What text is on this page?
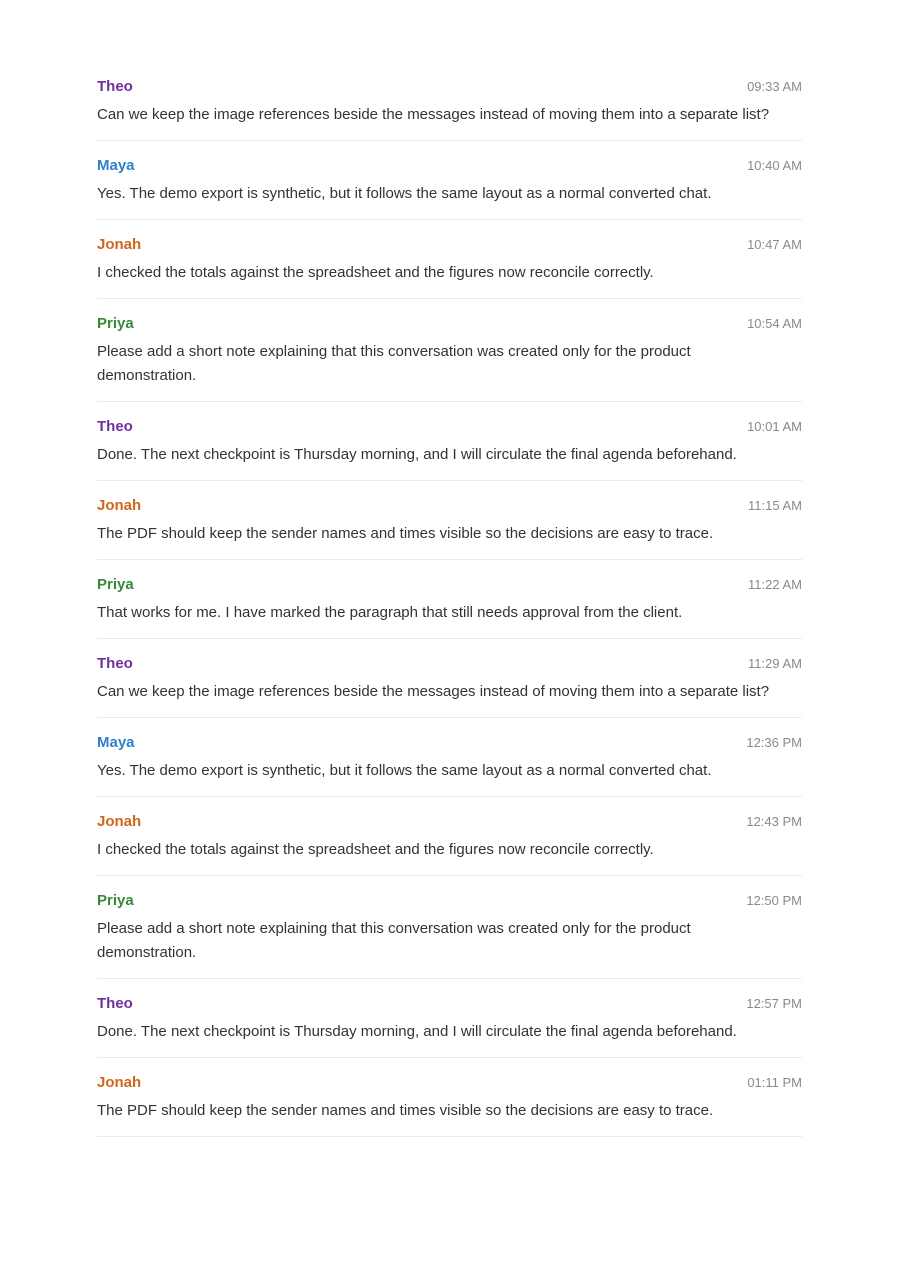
Theo	09:33 AM
Can we keep the image references beside the messages instead of moving them into a separate list?
Maya	10:40 AM
Yes. The demo export is synthetic, but it follows the same layout as a normal converted chat.
Jonah	10:47 AM
I checked the totals against the spreadsheet and the figures now reconcile correctly.
Priya	10:54 AM
Please add a short note explaining that this conversation was created only for the product demonstration.
Theo	10:01 AM
Done. The next checkpoint is Thursday morning, and I will circulate the final agenda beforehand.
Jonah	11:15 AM
The PDF should keep the sender names and times visible so the decisions are easy to trace.
Priya	11:22 AM
That works for me. I have marked the paragraph that still needs approval from the client.
Theo	11:29 AM
Can we keep the image references beside the messages instead of moving them into a separate list?
Maya	12:36 PM
Yes. The demo export is synthetic, but it follows the same layout as a normal converted chat.
Jonah	12:43 PM
I checked the totals against the spreadsheet and the figures now reconcile correctly.
Priya	12:50 PM
Please add a short note explaining that this conversation was created only for the product demonstration.
Theo	12:57 PM
Done. The next checkpoint is Thursday morning, and I will circulate the final agenda beforehand.
Jonah	01:11 PM
The PDF should keep the sender names and times visible so the decisions are easy to trace.
